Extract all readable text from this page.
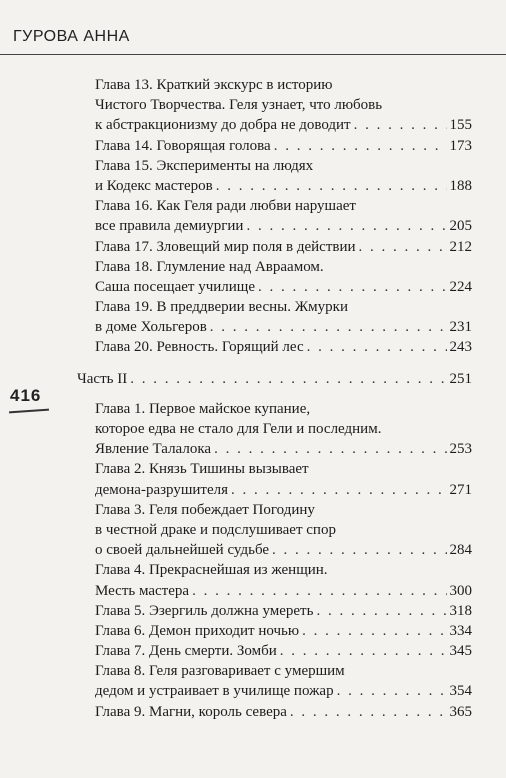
ГУРОВА АННА
416
Глава 13. Краткий экскурс в историю
Чистого Творчества. Геля узнает, что любовь
к абстракционизму до добра не доводит . . .	155
Глава 14. Говорящая голова . . .	173
Глава 15. Эксперименты на людях
и Кодекс мастеров . . .	188
Глава 16. Как Геля ради любви нарушает
все правила демиургии . . .	205
Глава 17. Зловещий мир поля в действии . . .	212
Глава 18. Глумление над Авраамом.
Саша посещает училище . . .	224
Глава 19. В преддверии весны. Жмурки
в доме Хольгеров . . .	231
Глава 20. Ревность. Горящий лес . . .	243
Часть II . . .	251
Глава 1. Первое майское купание,
которое едва не стало для Гели и последним.
Явление Талалока . . .	253
Глава 2. Князь Тишины вызывает
демона-разрушителя . . .	271
Глава 3. Геля побеждает Погодину
в честной драке и подслушивает спор
о своей дальнейшей судьбе . . .	284
Глава 4. Прекраснейшая из женщин.
Месть мастера . . .	300
Глава 5. Эзергиль должна умереть . . .	318
Глава 6. Демон приходит ночью . . .	334
Глава 7. День смерти. Зомби . . .	345
Глава 8. Геля разговаривает с умершим
дедом и устраивает в училище пожар . . .	354
Глава 9. Магни, король севера . . .	365
